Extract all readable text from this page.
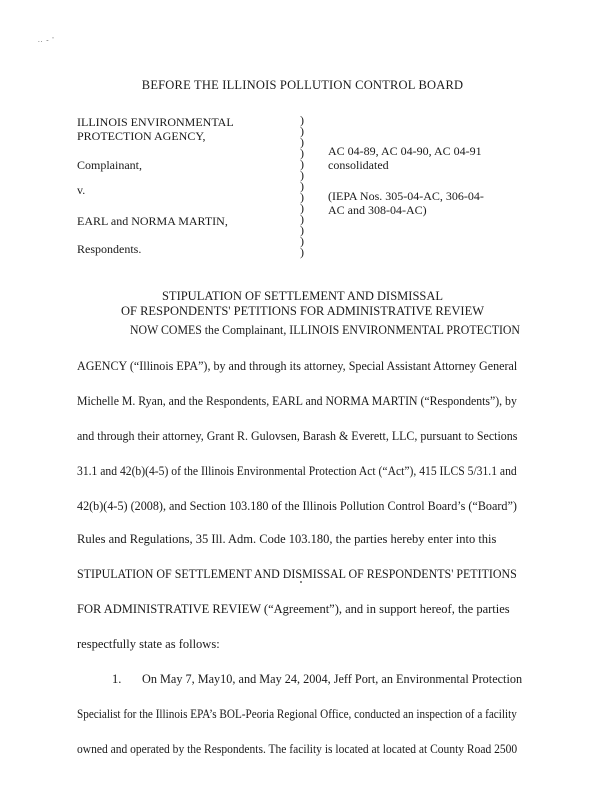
.. - '
BEFORE THE ILLINOIS POLLUTION CONTROL BOARD
ILLINOIS ENVIRONMENTAL
PROTECTION AGENCY,
Complainant,
v.
EARL and NORMA MARTIN,
Respondents.
)
)
)
)
)
)
)
)
)
)
)
)
)
AC 04-89, AC 04-90, AC 04-91
consolidated
(IEPA Nos. 305-04-AC, 306-04-
AC and 308-04-AC)
STIPULATION OF SETTLEMENT AND DISMISSAL
OF RESPONDENTS' PETITIONS FOR ADMINISTRATIVE REVIEW
NOW COMES the Complainant, ILLINOIS ENVIRONMENTAL PROTECTION
AGENCY (“Illinois EPA”), by and through its attorney, Special Assistant Attorney General
Michelle M. Ryan, and the Respondents, EARL and NORMA MARTIN (“Respondents”), by
and through their attorney, Grant R. Gulovsen, Barash & Everett, LLC, pursuant to Sections
31.1 and 42(b)(4-5) of the Illinois Environmental Protection Act (“Act”), 415 ILCS 5/31.1 and
42(b)(4-5) (2008), and Section 103.180 of the Illinois Pollution Control Board’s (“Board”)
Rules and Regulations, 35 Ill. Adm. Code 103.180, the parties hereby enter into this
STIPULATION OF SETTLEMENT AND DISMISSAL OF RESPONDENTS' PETITIONS
FOR ADMINISTRATIVE REVIEW (“Agreement”), and in support hereof, the parties
respectfully state as follows:
1.	On May 7, May10, and May 24, 2004, Jeff Port, an Environmental Protection
Specialist for the Illinois EPA’s BOL-Peoria Regional Office, conducted an inspection of a facility
owned and operated by the Respondents. The facility is located at located at County Road 2500
